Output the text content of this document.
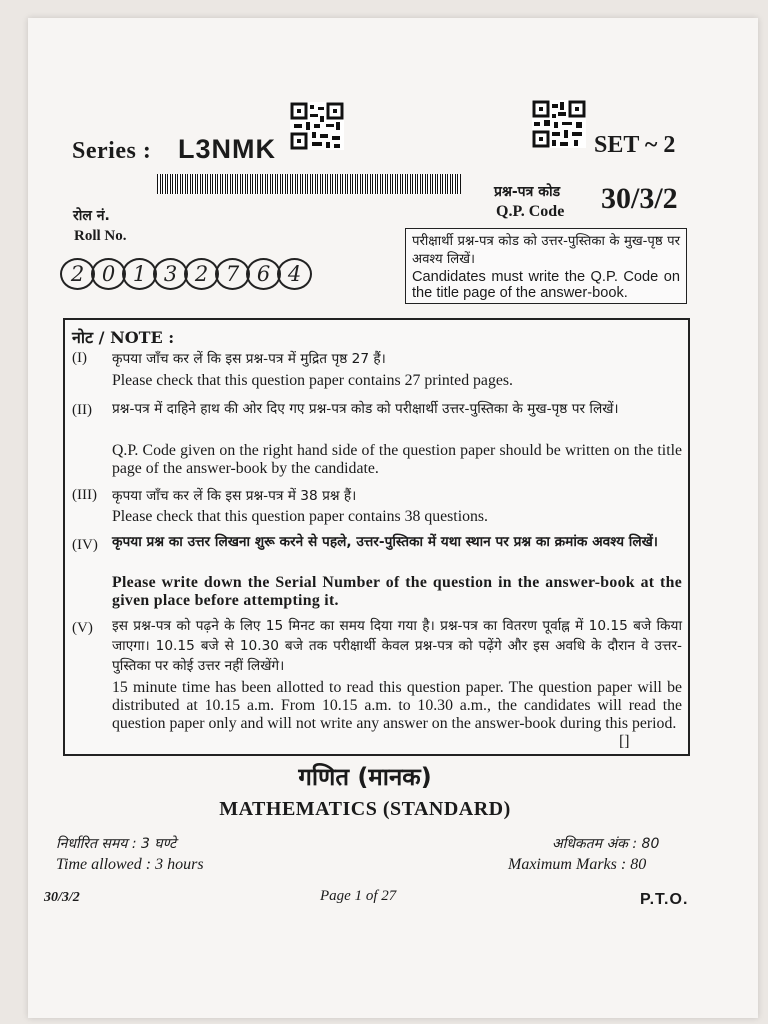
Series : L3NMK	SET ~ 2
प्रश्न-पत्र कोड
Q.P. Code 30/3/2
रोल नं.
Roll No.
2 0 1 3 2 7 6 4
परीक्षार्थी प्रश्न-पत्र कोड को उत्तर-पुस्तिका के मुख-पृष्ठ पर अवश्य लिखें।
Candidates must write the Q.P. Code on the title page of the answer-book.
नोट / NOTE :
(I) कृपया जाँच कर लें कि इस प्रश्न-पत्र में मुद्रित पृष्ठ 27 हैं।
Please check that this question paper contains 27 printed pages.
(II) प्रश्न-पत्र में दाहिने हाथ की ओर दिए गए प्रश्न-पत्र कोड को परीक्षार्थी उत्तर-पुस्तिका के मुख-पृष्ठ पर लिखें।
Q.P. Code given on the right hand side of the question paper should be written on the title page of the answer-book by the candidate.
(III) कृपया जाँच कर लें कि इस प्रश्न-पत्र में 38 प्रश्न हैं।
Please check that this question paper contains 38 questions.
(IV) कृपया प्रश्न का उत्तर लिखना शुरू करने से पहले, उत्तर-पुस्तिका में यथा स्थान पर प्रश्न का क्रमांक अवश्य लिखें।
Please write down the Serial Number of the question in the answer-book at the given place before attempting it.
(V) इस प्रश्न-पत्र को पढ़ने के लिए 15 मिनट का समय दिया गया है। प्रश्न-पत्र का वितरण पूर्वाह्न में 10.15 बजे किया जाएगा। 10.15 बजे से 10.30 बजे तक परीक्षार्थी केवल प्रश्न-पत्र को पढ़ेंगे और इस अवधि के दौरान वे उत्तर-पुस्तिका पर कोई उत्तर नहीं लिखेंगे।
15 minute time has been allotted to read this question paper. The question paper will be distributed at 10.15 a.m. From 10.15 a.m. to 10.30 a.m., the candidates will read the question paper only and will not write any answer on the answer-book during this period.
[]
गणित (मानक)
MATHEMATICS (STANDARD)
निर्धारित समय : 3 घण्टे
Time allowed : 3 hours
अधिकतम अंक : 80
Maximum Marks : 80
30/3/2	Page 1 of 27	P.T.O.
